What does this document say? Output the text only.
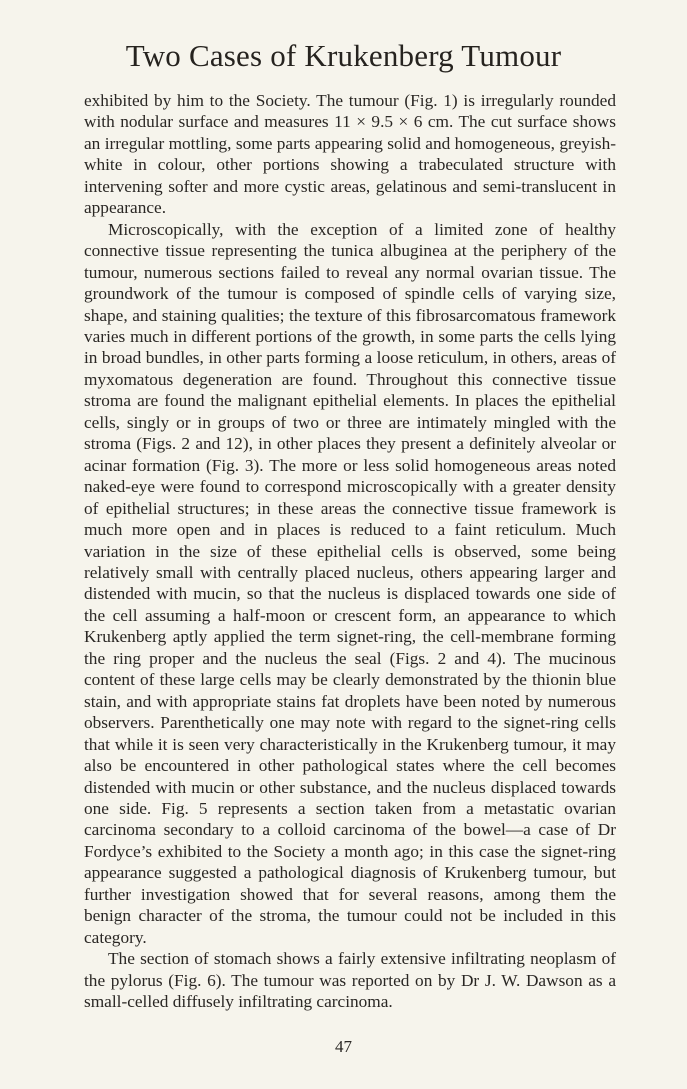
Two Cases of Krukenberg Tumour

exhibited by him to the Society. The tumour (Fig. 1) is irregularly rounded with nodular surface and measures 11 × 9.5 × 6 cm. The cut surface shows an irregular mottling, some parts appearing solid and homogeneous, greyish-white in colour, other portions showing a trabeculated structure with intervening softer and more cystic areas, gelatinous and semi-translucent in appearance.

Microscopically, with the exception of a limited zone of healthy connective tissue representing the tunica albuginea at the periphery of the tumour, numerous sections failed to reveal any normal ovarian tissue. The groundwork of the tumour is composed of spindle cells of varying size, shape, and staining qualities; the texture of this fibrosarcomatous framework varies much in different portions of the growth, in some parts the cells lying in broad bundles, in other parts forming a loose reticulum, in others, areas of myxomatous degeneration are found. Throughout this connective tissue stroma are found the malignant epithelial elements. In places the epithelial cells, singly or in groups of two or three are intimately mingled with the stroma (Figs. 2 and 12), in other places they present a definitely alveolar or acinar formation (Fig. 3). The more or less solid homogeneous areas noted naked-eye were found to correspond microscopically with a greater density of epithelial structures; in these areas the connective tissue framework is much more open and in places is reduced to a faint reticulum. Much variation in the size of these epithelial cells is observed, some being relatively small with centrally placed nucleus, others appearing larger and distended with mucin, so that the nucleus is displaced towards one side of the cell assuming a half-moon or crescent form, an appearance to which Krukenberg aptly applied the term signet-ring, the cell-membrane forming the ring proper and the nucleus the seal (Figs. 2 and 4). The mucinous content of these large cells may be clearly demonstrated by the thionin blue stain, and with appropriate stains fat droplets have been noted by numerous observers. Parenthetically one may note with regard to the signet-ring cells that while it is seen very characteristically in the Krukenberg tumour, it may also be encountered in other pathological states where the cell becomes distended with mucin or other substance, and the nucleus displaced towards one side. Fig. 5 represents a section taken from a metastatic ovarian carcinoma secondary to a colloid carcinoma of the bowel—a case of Dr Fordyce’s exhibited to the Society a month ago; in this case the signet-ring appearance suggested a pathological diagnosis of Krukenberg tumour, but further investigation showed that for several reasons, among them the benign character of the stroma, the tumour could not be included in this category.

The section of stomach shows a fairly extensive infiltrating neoplasm of the pylorus (Fig. 6). The tumour was reported on by Dr J. W. Dawson as a small-celled diffusely infiltrating carcinoma.

47
